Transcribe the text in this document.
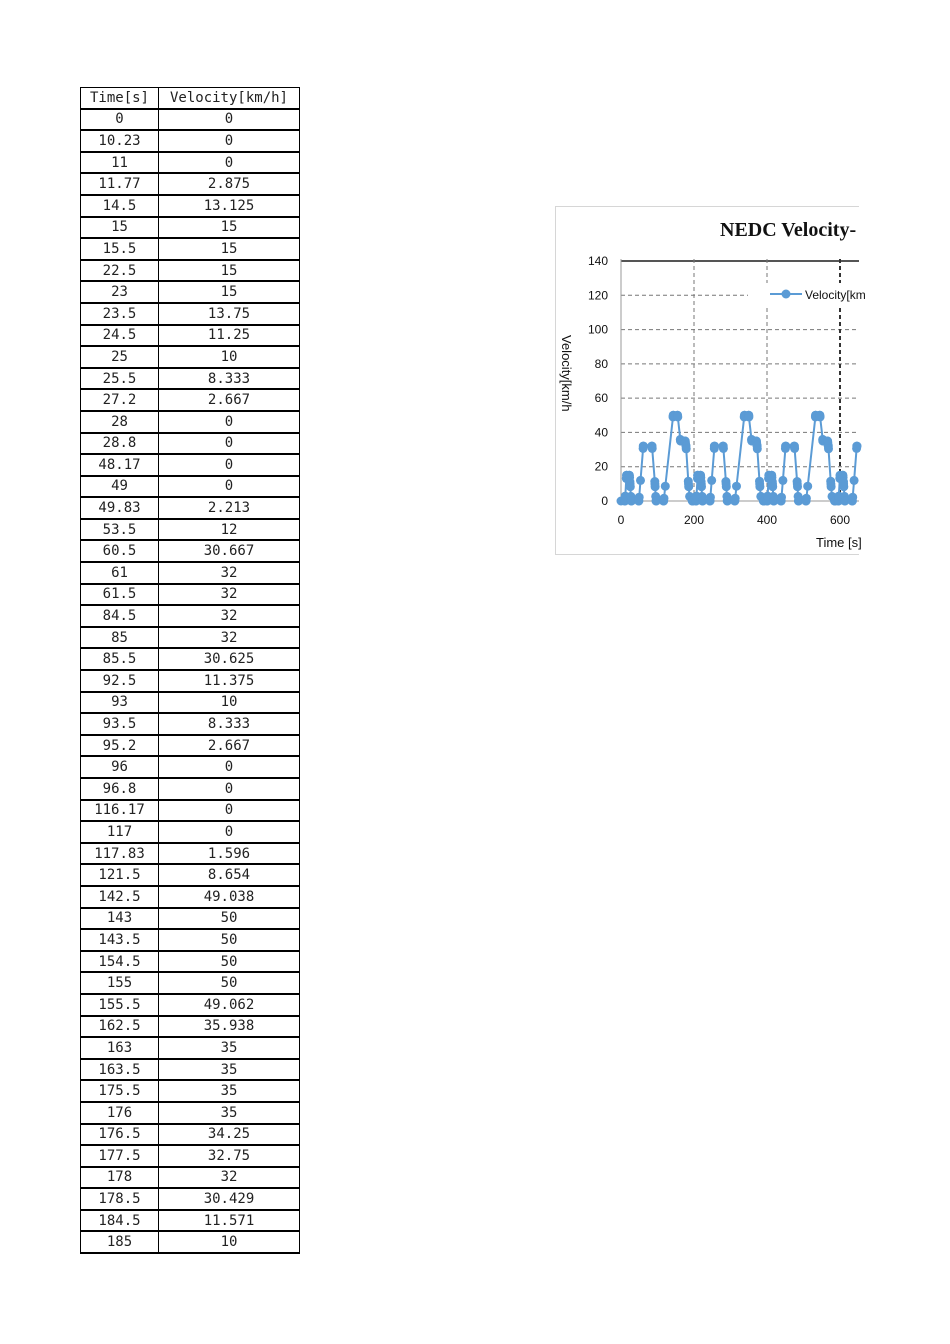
Time[s]	Velocity[km/h]
0	0
10.23	0
11	0
11.77	2.875
14.5	13.125
15	15
15.5	15
22.5	15
23	15
23.5	13.75
24.5	11.25
25	10
25.5	8.333
27.2	2.667
28	0
28.8	0
48.17	0
49	0
49.83	2.213
53.5	12
60.5	30.667
61	32
61.5	32
84.5	32
85	32
85.5	30.625
92.5	11.375
93	10
93.5	8.333
95.2	2.667
96	0
96.8	0
116.17	0
117	0
117.83	1.596
121.5	8.654
142.5	49.038
143	50
143.5	50
154.5	50
155	50
155.5	49.062
162.5	35.938
163	35
163.5	35
175.5	35
176	35
176.5	34.25
177.5	32.75
178	32
178.5	30.429
184.5	11.571
185	10
NEDC Velocity-
0
20
40
60
80
100
120
140
0	200	400	600
Velocity[km/h
Time [s]
Velocity[km
